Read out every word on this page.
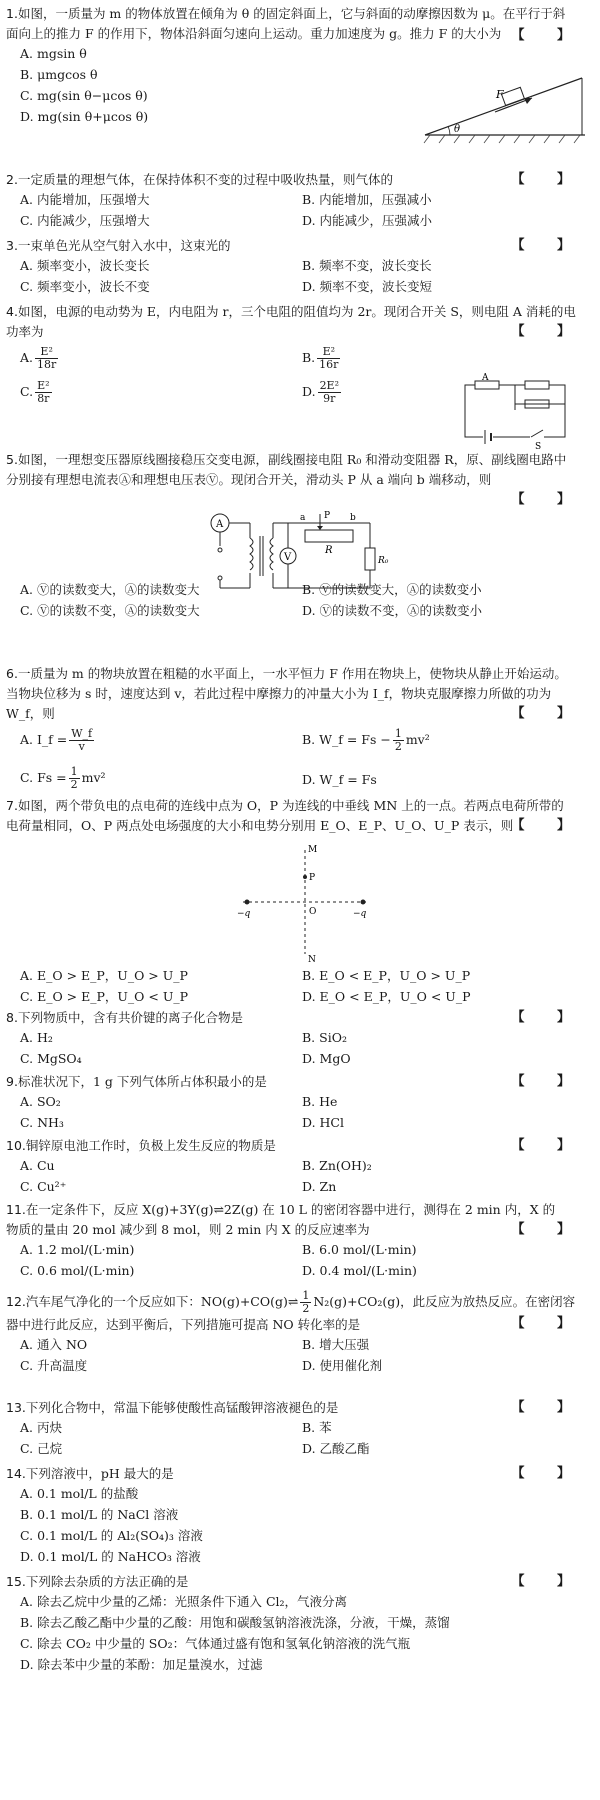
1.如图，一质量为 m 的物体放置在倾角为 θ 的固定斜面上，它与斜面的动摩擦因数为 μ。在平行于斜面向上的推力 F 的作用下，物体沿斜面匀速向上运动。重力加速度为 g。推力 F 的大小为 【 】
A. mgsin θ
B. μmgcos θ
C. mg(sin θ−μcos θ)
D. mg(sin θ+μcos θ)
F
θ

2.一定质量的理想气体，在保持体积不变的过程中吸收热量，则气体的	【 】
A. 内能增加，压强增大	B. 内能增加，压强减小
C. 内能减少，压强增大	D. 内能减少，压强减小

3.一束单色光从空气射入水中，这束光的	【 】
A. 频率变小，波长变长	B. 频率不变，波长变长
C. 频率变小，波长不变	D. 频率不变，波长变短

4.如图，电源的电动势为 E，内电阻为 r，三个电阻的阻值均为 2r。现闭合开关 S，则电阻 A 消耗的电功率为	【 】
A. $\frac{\text{E²}}{18r}$	B. $\frac{\text{E²}}{16r}$
C. $\frac{\text{E²}}{8r}$	D. $\frac{\text{2E²}}{9r}$
A
S

5.如图，一理想变压器原线圈接稳压交变电源，副线圈接电阻 R₀ 和滑动变阻器 R，原、副线圈电路中分别接有理想电流表Ⓐ和理想电压表Ⓥ。现闭合开关，滑动头 P 从 a 端向 b 端移动，则

【 】
A. Ⓥ的读数变大，Ⓐ的读数变大	B. Ⓥ的读数变大，Ⓐ的读数变小
C. Ⓥ的读数不变，Ⓐ的读数变大	D. Ⓥ的读数不变，Ⓐ的读数变小
A
V
R
a P b
R₀

6.一质量为 m 的物块放置在粗糙的水平面上，一水平恒力 F 作用在物块上，使物块从静止开始运动。当物块位移为 s 时，速度达到 v，若此过程中摩擦力的冲量大小为 I_f，物块克服摩擦力所做的功为 W_f，则	【 】
A. I_f = $\frac{W\_f}{v}$	B. W_f = $Fs - \frac{1}{2} mv^2$
C. $Fs = \frac{1}{2} mv^2$	D. W_f = Fs

7.如图，两个带负电的点电荷的连线中点为 O，P 为连线的中垂线 MN 上的一点。若两点电荷所带的电荷量相同，O、P 两点处电场强度的大小和电势分别用 E_O、E_P、U_O、U_P 表示，则

【 】
A. E_O > E_P，U_O > U_P	B. E_O < E_P，U_O > U_P
C. E_O > E_P，U_O < U_P	D. E_O < E_P，U_O < U_P
M
P
O
N
−q	−q

8.下列物质中，含有共价键的离子化合物是	【 】
A. H₂	B. SiO₂
C. MgSO₄	D. MgO

9.标准状况下，1 g 下列气体所占体积最小的是	【 】
A. SO₂	B. He
C. NH₃	D. HCl

10.铜锌原电池工作时，负极上发生反应的物质是	【 】
A. Cu	B. Zn(OH)₂
C. Cu²⁺	D. Zn

11.在一定条件下，反应 X(g)+3Y(g)⇌2Z(g) 在 10 L 的密闭容器中进行，测得在 2 min 内，X 的物质的量由 20 mol 减少到 8 mol，则 2 min 内 X 的反应速率为	【 】
A. 1.2 mol/(L·min)	B. 6.0 mol/(L·min)
C. 0.6 mol/(L·min)	D. 0.4 mol/(L·min)

12.汽车尾气净化的一个反应如下：NO(g)+CO(g)⇌ $\frac{1}{2} N_2(g)+CO_2(g)$，此反应为放热反应。在密闭容器中进行此反应，达到平衡后，下列措施可提高 NO 转化率的是	【 】
A. 通入 NO	B. 增大压强
C. 升高温度	D. 使用催化剂

13.下列化合物中，常温下能够使酸性高锰酸钾溶液褪色的是	【 】
A. 丙炔	B. 苯
C. 己烷	D. 乙酸乙酯

14.下列溶液中，pH 最大的是	【 】
A. 0.1 mol/L 的盐酸
B. 0.1 mol/L 的 NaCl 溶液
C. 0.1 mol/L 的 Al₂(SO₄)₃ 溶液
D. 0.1 mol/L 的 NaHCO₃ 溶液

15.下列除去杂质的方法正确的是	【 】
A. 除去乙烷中少量的乙烯：光照条件下通入 Cl₂，气液分离
B. 除去乙酸乙酯中少量的乙酸：用饱和碳酸氢钠溶液洗涤，分液，干燥，蒸馏
C. 除去 CO₂ 中少量的 SO₂：气体通过盛有饱和氢氧化钠溶液的洗气瓶
D. 除去苯中少量的苯酚：加足量溴水，过滤
